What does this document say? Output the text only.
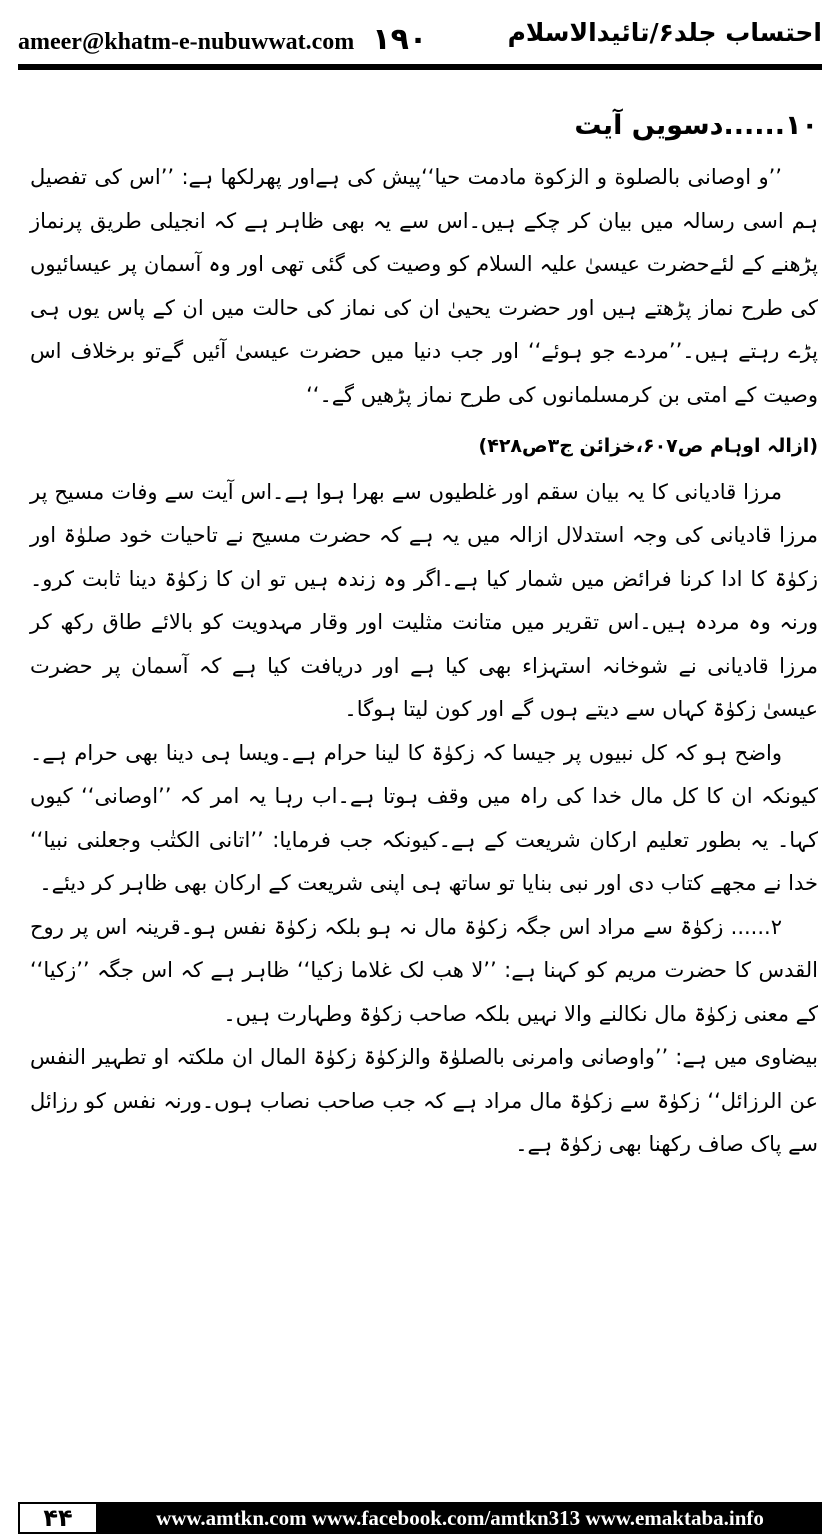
ameer@khatm-e-nubuwwat.com ۱۹۰	احتساب جلد۶/تائیدالاسلام
۱۰......دسویں آیت

’’و اوصانی بالصلوة و الزکوة مادمت حیا‘‘پیش کی ہےاور پھرلکھا ہے: ’’اس کی تفصیل ہم اسی رسالہ میں بیان کر چکے ہیں۔اس سے یہ بھی ظاہر ہے کہ انجیلی طریق پرنماز پڑھنے کے لئےحضرت عیسیٰ علیہ السلام کو وصیت کی گئی تھی اور وہ آسمان پر عیسائیوں کی طرح نماز پڑھتے ہیں اور حضرت یحییٰ ان کی نماز کی حالت میں ان کے پاس یوں ہی پڑے رہتے ہیں۔’’مردے جو ہوئے‘‘ اور جب دنیا میں حضرت عیسیٰ آئیں گےتو برخلاف اس وصیت کے امتی بن کرمسلمانوں کی طرح نماز پڑھیں گے۔‘‘

(ازالہ اوہام ص۶۰۷،خزائن ج۳ص۴۲۸)

مرزا قادیانی کا یہ بیان سقم اور غلطیوں سے بھرا ہوا ہے۔اس آیت سے وفات مسیح پر مرزا قادیانی کی وجہ استدلال ازالہ میں یہ ہے کہ حضرت مسیح نے تاحیات خود صلوٰۃ اور زکوٰۃ کا ادا کرنا فرائض میں شمار کیا ہے۔اگر وہ زندہ ہیں تو ان کا زکوٰۃ دینا ثابت کرو۔ورنہ وہ مردہ ہیں۔اس تقریر میں متانت مثلیت اور وقار مہدویت کو بالائے طاق رکھ کر مرزا قادیانی نے شوخانہ استہزاء بھی کیا ہے اور دریافت کیا ہے کہ آسمان پر حضرت عیسیٰ زکوٰۃ کہاں سے دیتے ہوں گے اور کون لیتا ہوگا۔

واضح ہو کہ کل نبیوں پر جیسا کہ زکوٰۃ کا لینا حرام ہے۔ویسا ہی دینا بھی حرام ہے۔ کیونکہ ان کا کل مال خدا کی راہ میں وقف ہوتا ہے۔اب رہا یہ امر کہ ’’اوصانی‘‘ کیوں کہا۔ یہ بطور تعلیم ارکان شریعت کے ہے۔کیونکہ جب فرمایا: ’’اتانی الکتٰب وجعلنی نبیا‘‘ خدا نے مجھے کتاب دی اور نبی بنایا تو ساتھ ہی اپنی شریعت کے ارکان بھی ظاہر کر دیئے۔

۲...... زکوٰۃ سے مراد اس جگہ زکوٰۃ مال نہ ہو بلکہ زکوٰۃ نفس ہو۔قرینہ اس پر روح القدس کا حضرت مریم کو کہنا ہے: ’’لا ھب لک غلاما زکیا‘‘ ظاہر ہے کہ اس جگہ ’’زکیا‘‘ کے معنی زکوٰۃ مال نکالنے والا نہیں بلکہ صاحب زکوٰۃ وطہارت ہیں۔

بیضاوی میں ہے: ’’واوصانی وامرنی بالصلوٰۃ والزکوٰۃ زکوٰۃ المال ان ملکتہ او تطہیر النفس عن الرزائل‘‘ زکوٰۃ سے زکوٰۃ مال مراد ہے کہ جب صاحب نصاب ہوں۔ورنہ نفس کو رزائل سے پاک صاف رکھنا بھی زکوٰۃ ہے۔

۴۴	www.amtkn.com www.facebook.com/amtkn313 www.emaktaba.info
